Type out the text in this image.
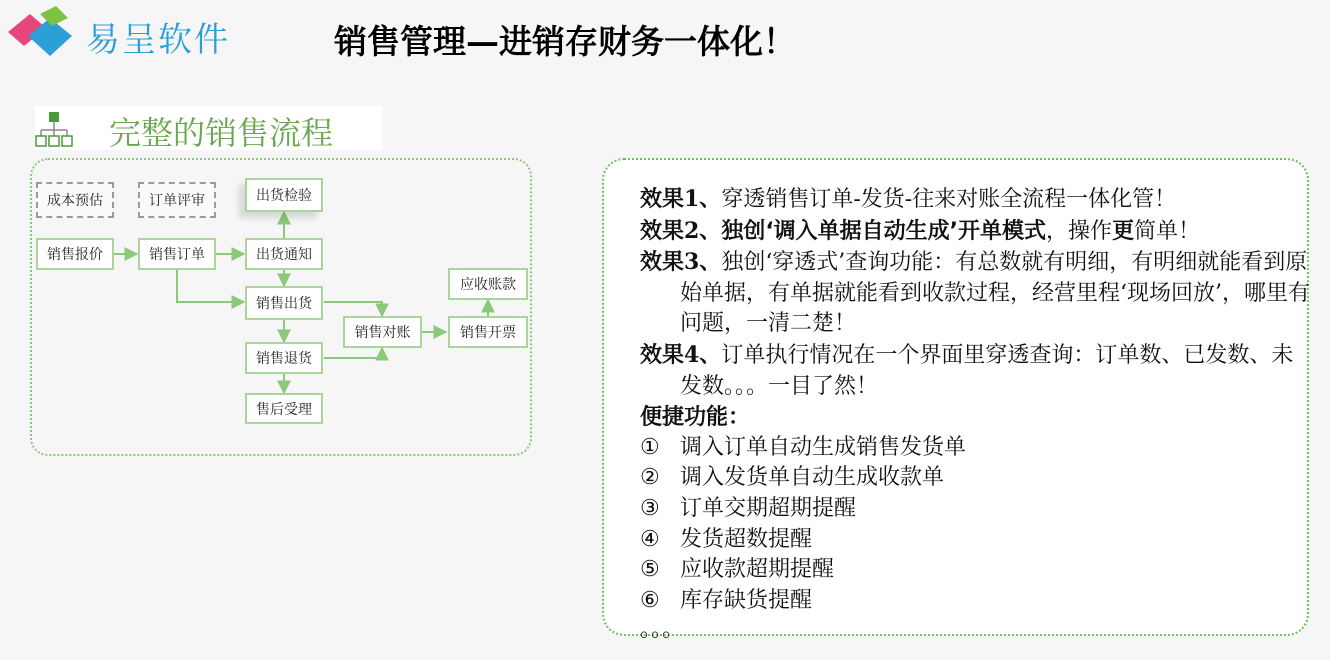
易呈软件	销售管理—进销存财务一体化！
完整的销售流程
成本预估	订单评审	出货检验
销售报价	销售订单	出货通知
销售出货
销售退货
售后受理
销售对账	销售开票
应收账款
效果1、穿透销售订单-发货-往来对账全流程一体化管！
效果2、独创‘调入单据自动生成’开单模式，操作更简单！
效果3、独创‘穿透式’查询功能：有总数就有明细，有明细就能看到原始单据，有单据就能看到收款过程，经营里程‘现场回放’，哪里有问题，一清二楚！
效果4、订单执行情况在一个界面里穿透查询：订单数、已发数、未发数。。。一目了然！
便捷功能：
① 调入订单自动生成销售发货单
② 调入发货单自动生成收款单
③ 订单交期超期提醒
④ 发货超数提醒
⑤ 应收款超期提醒
⑥ 库存缺货提醒
。。。
